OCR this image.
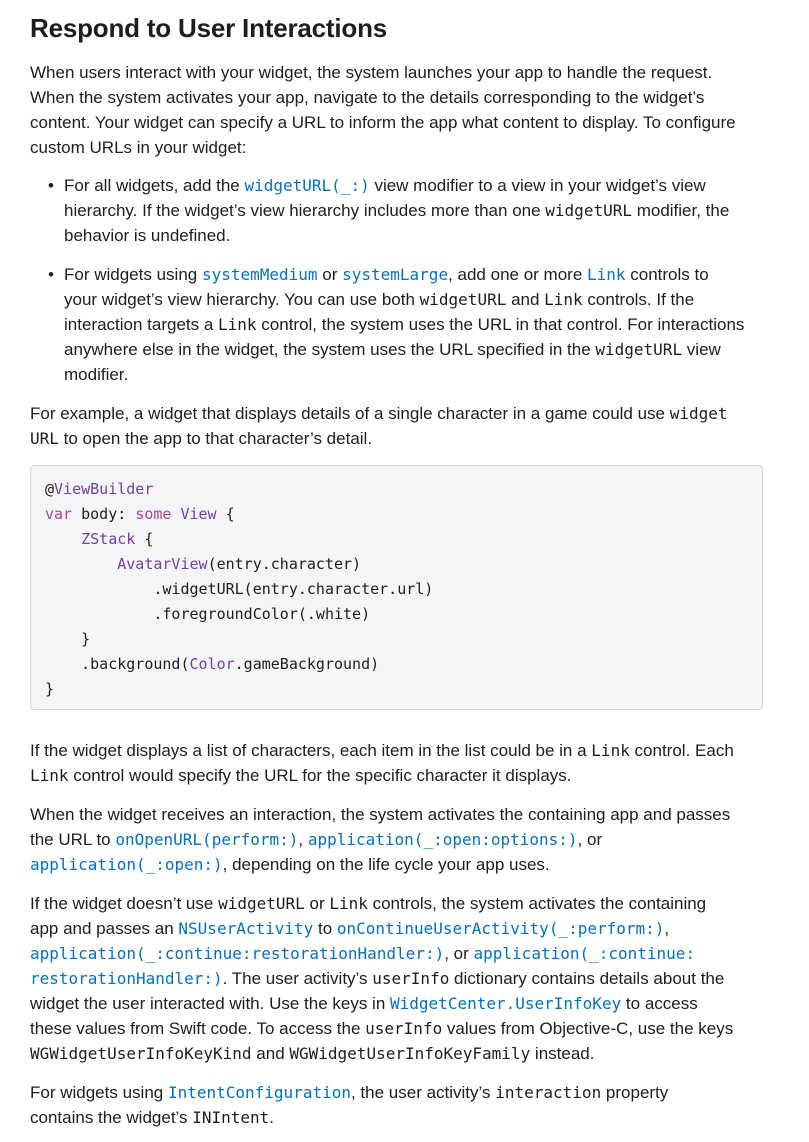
Respond to User Interactions

When users interact with your widget, the system launches your app to handle the request.
When the system activates your app, navigate to the details corresponding to the widget’s
content. Your widget can specify a URL to inform the app what content to display. To configure
custom URLs in your widget:

• For all widgets, add the widgetURL(_:) view modifier to a view in your widget’s view
hierarchy. If the widget’s view hierarchy includes more than one widgetURL modifier, the
behavior is undefined.
• For widgets using systemMedium or systemLarge, add one or more Link controls to
your widget’s view hierarchy. You can use both widgetURL and Link controls. If the
interaction targets a Link control, the system uses the URL in that control. For interactions
anywhere else in the widget, the system uses the URL specified in the widgetURL view
modifier.

For example, a widget that displays details of a single character in a game could use widget
URL to open the app to that character’s detail.

@ViewBuilder
var body: some View {
ZStack {
AvatarView(entry.character)
.widgetURL(entry.character.url)
.foregroundColor(.white)
}
.background(Color.gameBackground)
}

If the widget displays a list of characters, each item in the list could be in a Link control. Each
Link control would specify the URL for the specific character it displays.

When the widget receives an interaction, the system activates the containing app and passes
the URL to onOpenURL(perform:), application(_:open:options:), or
application(_:open:), depending on the life cycle your app uses.

If the widget doesn’t use widgetURL or Link controls, the system activates the containing
app and passes an NSUserActivity to onContinueUserActivity(_:perform:),
application(_:continue:restorationHandler:), or application(_:continue:
restorationHandler:). The user activity’s userInfo dictionary contains details about the
widget the user interacted with. Use the keys in WidgetCenter.UserInfoKey to access
these values from Swift code. To access the userInfo values from Objective-C, use the keys
WGWidgetUserInfoKeyKind and WGWidgetUserInfoKeyFamily instead.

For widgets using IntentConfiguration, the user activity’s interaction property
contains the widget’s INIntent.
